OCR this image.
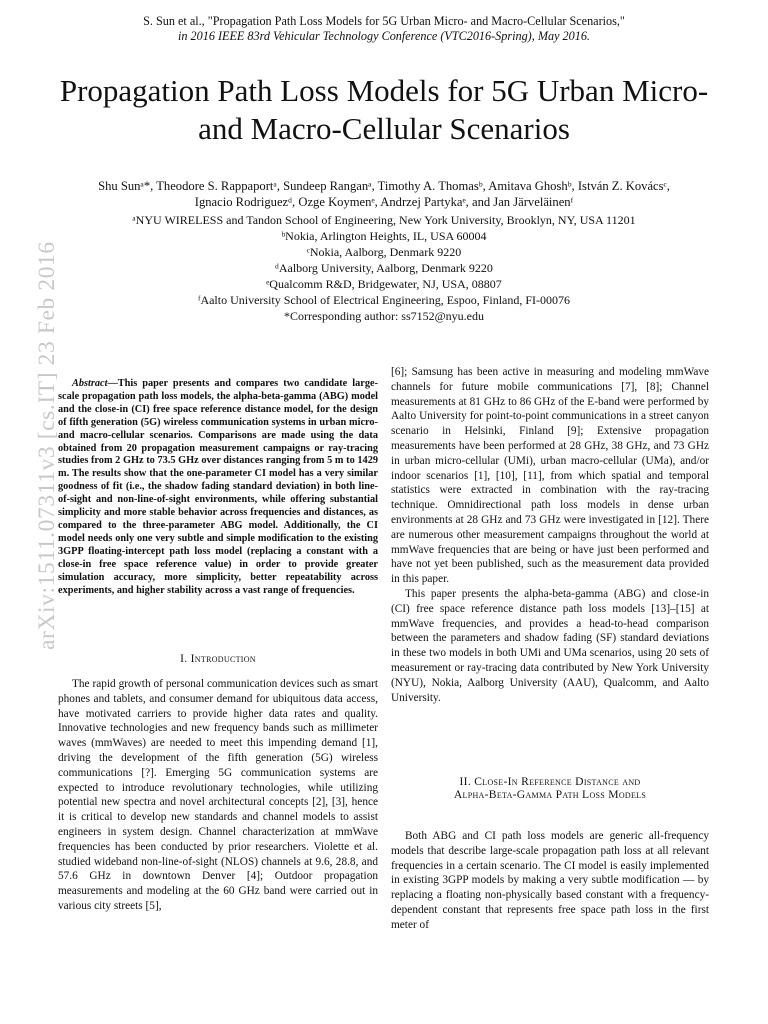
S. Sun et al., "Propagation Path Loss Models for 5G Urban Micro- and Macro-Cellular Scenarios,"
in 2016 IEEE 83rd Vehicular Technology Conference (VTC2016-Spring), May 2016.
Propagation Path Loss Models for 5G Urban Micro-
and Macro-Cellular Scenarios
Shu Sunᵃ*, Theodore S. Rappaportᵃ, Sundeep Ranganᵃ, Timothy A. Thomasᵇ, Amitava Ghoshᵇ, István Z. Kovácsᶜ,
Ignacio Rodriguezᵈ, Ozge Koymenᵉ, Andrzej Partykaᵉ, and Jan Järveläinenᶠ
ᵃNYU WIRELESS and Tandon School of Engineering, New York University, Brooklyn, NY, USA 11201
ᵇNokia, Arlington Heights, IL, USA 60004
ᶜNokia, Aalborg, Denmark 9220
ᵈAalborg University, Aalborg, Denmark 9220
ᵉQualcomm R&D, Bridgewater, NJ, USA, 08807
ᶠAalto University School of Electrical Engineering, Espoo, Finland, FI-00076
*Corresponding author: ss7152@nyu.edu
arXiv:1511.07311v3 [cs.IT] 23 Feb 2016	Abstract—This paper presents and compares two candidate large-scale propagation path loss models, the alpha-beta-gamma (ABG) model and the close-in (CI) free space reference distance model, for the design of fifth generation (5G) wireless communication systems in urban micro- and macro-cellular scenarios. Comparisons are made using the data obtained from 20 propagation measurement campaigns or ray-tracing studies from 2 GHz to 73.5 GHz over distances ranging from 5 m to 1429 m. The results show that the one-parameter CI model has a very similar goodness of fit (i.e., the shadow fading standard deviation) in both line-of-sight and non-line-of-sight environments, while offering substantial simplicity and more stable behavior across frequencies and distances, as compared to the three-parameter ABG model. Additionally, the CI model needs only one very subtle and simple modification to the existing 3GPP floating-intercept path loss model (replacing a constant with a close-in free space reference value) in order to provide greater simulation accuracy, more simplicity, better repeatability across experiments, and higher stability across a vast range of frequencies.

I. Introduction

The rapid growth of personal communication devices such as smart phones and tablets, and consumer demand for ubiquitous data access, have motivated carriers to provide higher data rates and quality. Innovative technologies and new frequency bands such as millimeter waves (mmWaves) are needed to meet this impending demand [1], driving the development of the fifth generation (5G) wireless communications [?]. Emerging 5G communication systems are expected to introduce revolutionary technologies, while utilizing potential new spectra and novel architectural concepts [2], [3], hence it is critical to develop new standards and channel models to assist engineers in system design. Channel characterization at mmWave frequencies has been conducted by prior researchers. Violette et al. studied wideband non-line-of-sight (NLOS) channels at 9.6, 28.8, and 57.6 GHz in downtown Denver [4]; Outdoor propagation measurements and modeling at the 60 GHz band were carried out in various city streets [5],

[6]; Samsung has been active in measuring and modeling mmWave channels for future mobile communications [7], [8]; Channel measurements at 81 GHz to 86 GHz of the E-band were performed by Aalto University for point-to-point communications in a street canyon scenario in Helsinki, Finland [9]; Extensive propagation measurements have been performed at 28 GHz, 38 GHz, and 73 GHz in urban micro-cellular (UMi), urban macro-cellular (UMa), and/or indoor scenarios [1], [10], [11], from which spatial and temporal statistics were extracted in combination with the ray-tracing technique. Omnidirectional path loss models in dense urban environments at 28 GHz and 73 GHz were investigated in [12]. There are numerous other measurement campaigns throughout the world at mmWave frequencies that are being or have just been performed and have not yet been published, such as the measurement data provided in this paper.

This paper presents the alpha-beta-gamma (ABG) and close-in (CI) free space reference distance path loss models [13]–[15] at mmWave frequencies, and provides a head-to-head comparison between the parameters and shadow fading (SF) standard deviations in these two models in both UMi and UMa scenarios, using 20 sets of measurement or ray-tracing data contributed by New York University (NYU), Nokia, Aalborg University (AAU), Qualcomm, and Aalto University.

II. Close-In Reference Distance and
Alpha-Beta-Gamma Path Loss Models

Both ABG and CI path loss models are generic all-frequency models that describe large-scale propagation path loss at all relevant frequencies in a certain scenario. The CI model is easily implemented in existing 3GPP models by making a very subtle modification — by replacing a floating non-physically based constant with a frequency-dependent constant that represents free space path loss in the first meter of
